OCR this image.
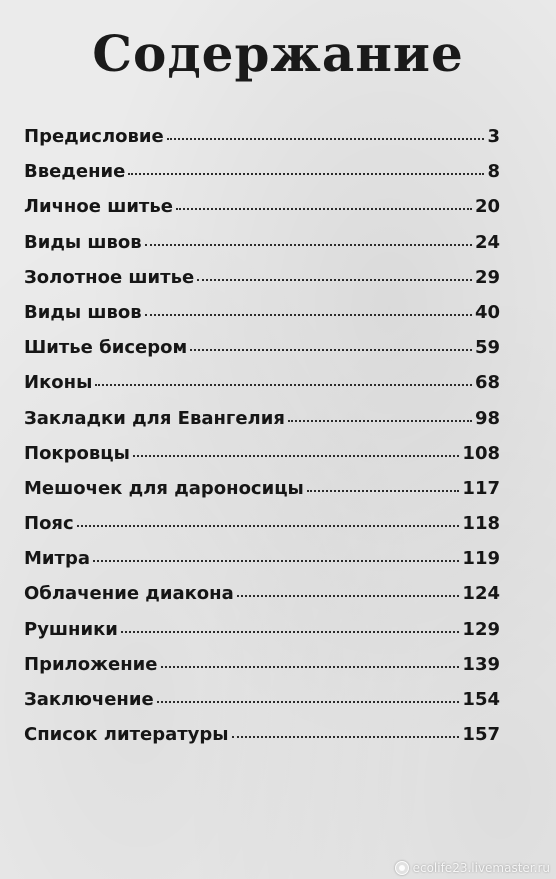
Содержание
Предисловие	3
Введение	8
Личное шитье	20
Виды швов	24
Золотное шитье	29
Виды швов	40
Шитье бисером	59
Иконы	68
Закладки для Евангелия	98
Покровцы	108
Мешочек для дароносицы	117
Пояс	118
Митра	119
Облачение диакона	124
Рушники	129
Приложение	139
Заключение	154
Список литературы	157
ecolife23.livemaster.ru
